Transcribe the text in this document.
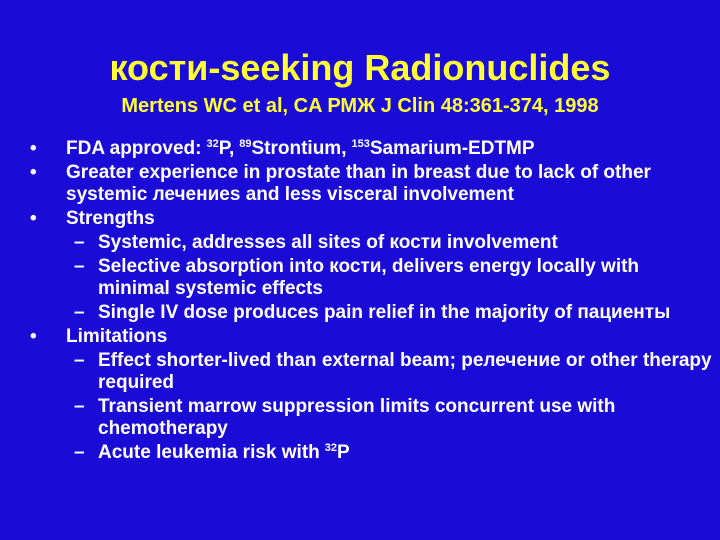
кости-seeking Radionuclides
Mertens WC et al, CA РМЖ J Clin 48:361-374, 1998
•	FDA approved: $^{32}$P, $^{89}$Strontium, $^{153}$Samarium-EDTMP
•	Greater experience in prostate than in breast due to lack of other systemic лечениes and less visceral involvement
•	Strengths
– Systemic, addresses all sites of кости involvement
– Selective absorption into кости, delivers energy locally with minimal systemic effects
– Single IV dose produces pain relief in the majority of пациенты
•	Limitations
– Effect shorter-lived than external beam; релечение or other therapy required
– Transient marrow suppression limits concurrent use with chemotherapy
– Acute leukemia risk with $^{32}$P
